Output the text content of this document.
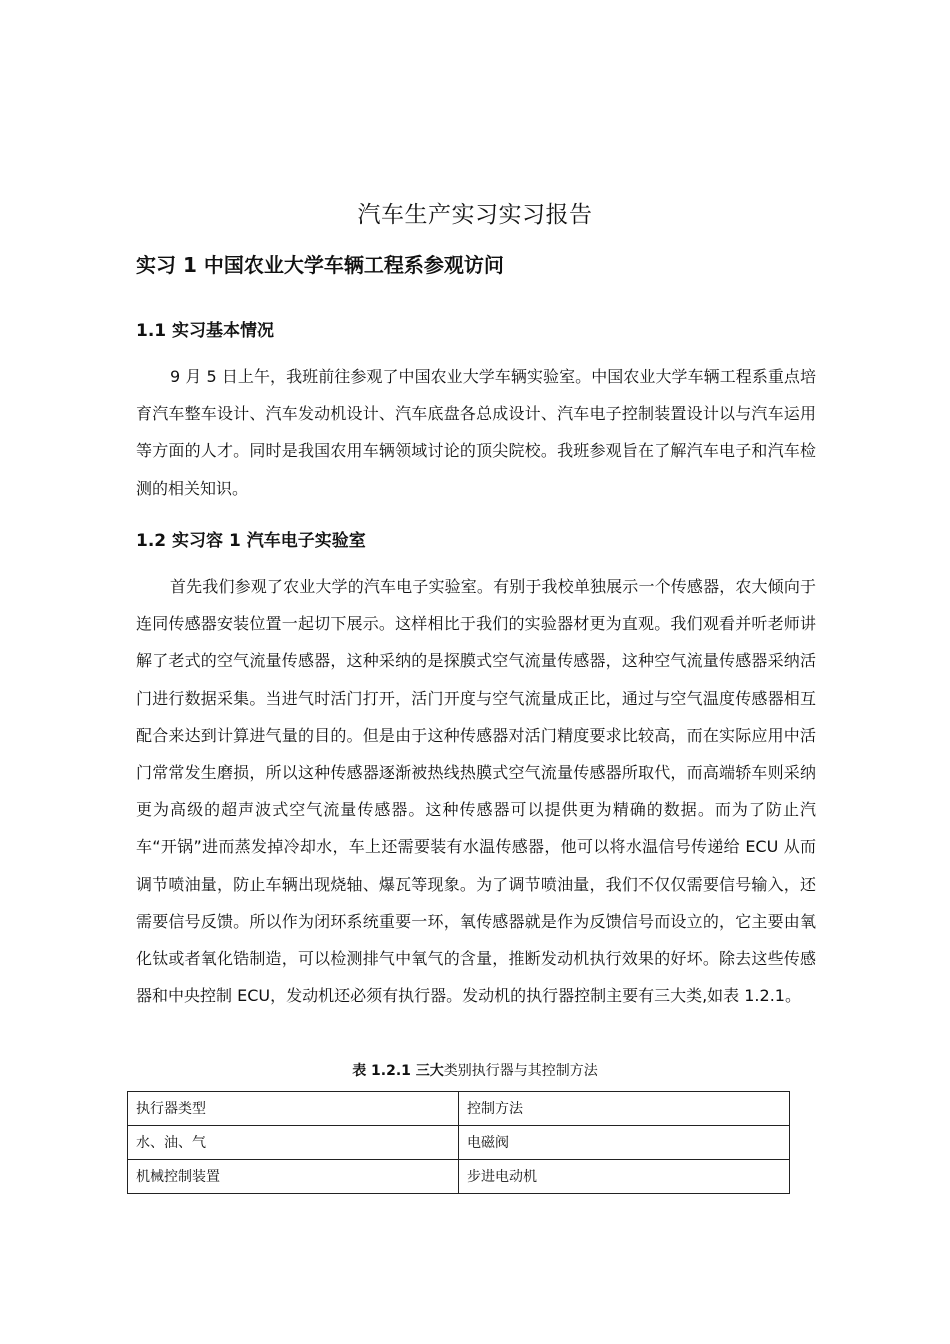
汽车生产实习实习报告
实习 1 中国农业大学车辆工程系参观访问
1.1 实习基本情况

9 月 5 日上午，我班前往参观了中国农业大学车辆实验室。中国农业大学车辆工程系重点培育汽车整车设计、汽车发动机设计、汽车底盘各总成设计、汽车电子控制装置设计以与汽车运用等方面的人才。同时是我国农用车辆领域讨论的顶尖院校。我班参观旨在了解汽车电子和汽车检测的相关知识。

1.2 实习容 1 汽车电子实验室

首先我们参观了农业大学的汽车电子实验室。有别于我校单独展示一个传感器，农大倾向于连同传感器安装位置一起切下展示。这样相比于我们的实验器材更为直观。我们观看并听老师讲解了老式的空气流量传感器，这种采纳的是探膜式空气流量传感器，这种空气流量传感器采纳活门进行数据采集。当进气时活门打开，活门开度与空气流量成正比，通过与空气温度传感器相互配合来达到计算进气量的目的。但是由于这种传感器对活门精度要求比较高，而在实际应用中活门常常发生磨损，所以这种传感器逐渐被热线热膜式空气流量传感器所取代，而高端轿车则采纳更为高级的超声波式空气流量传感器。这种传感器可以提供更为精确的数据。而为了防止汽车“开锅”进而蒸发掉冷却水，车上还需要装有水温传感器，他可以将水温信号传递给 ECU 从而调节喷油量，防止车辆出现烧轴、爆瓦等现象。为了调节喷油量，我们不仅仅需要信号输入，还需要信号反馈。所以作为闭环系统重要一环，氧传感器就是作为反馈信号而设立的，它主要由氧化钛或者氧化锆制造，可以检测排气中氧气的含量，推断发动机执行效果的好坏。除去这些传感器和中央控制 ECU，发动机还必须有执行器。发动机的执行器控制主要有三大类,如表 1.2.1。

表 1.2.1 三大类别执行器与其控制方法
执行器类型	控制方法
水、油、气	电磁阀
机械控制装置	步进电动机
